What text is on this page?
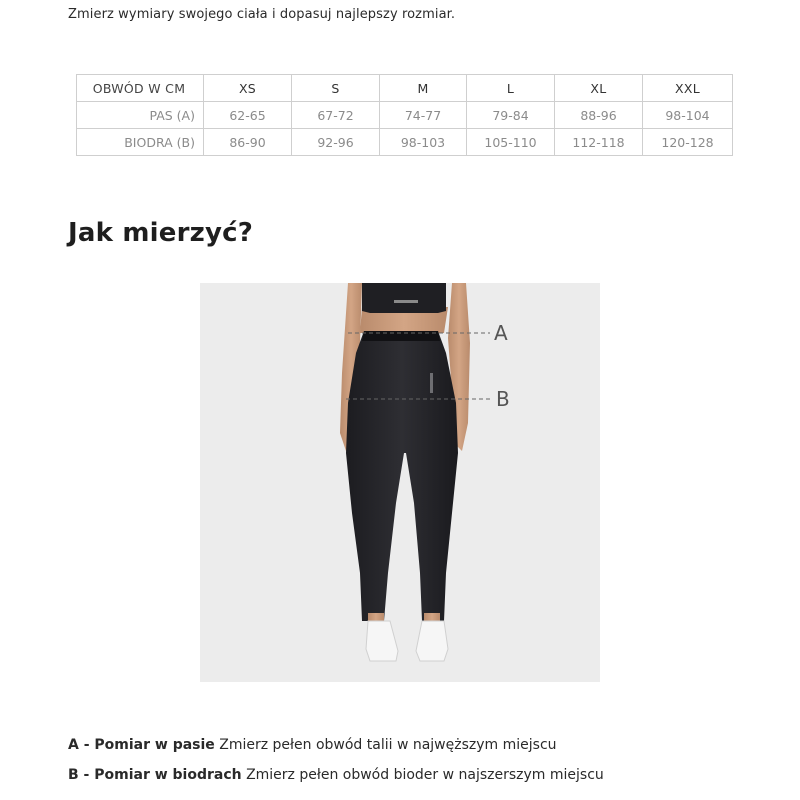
Zmierz wymiary swojego ciała i dopasuj najlepszy rozmiar.

OBWÓD W CM	XS	S	M	L	XL	XXL
PAS (A)	62-65	67-72	74-77	79-84	88-96	98-104
BIODRA (B)	86-90	92-96	98-103	105-110	112-118	120-128
Jak mierzyć?
A
B

A - Pomiar w pasie Zmierz pełen obwód talii w najwęższym miejscu

B - Pomiar w biodrach Zmierz pełen obwód bioder w najszerszym miejscu
